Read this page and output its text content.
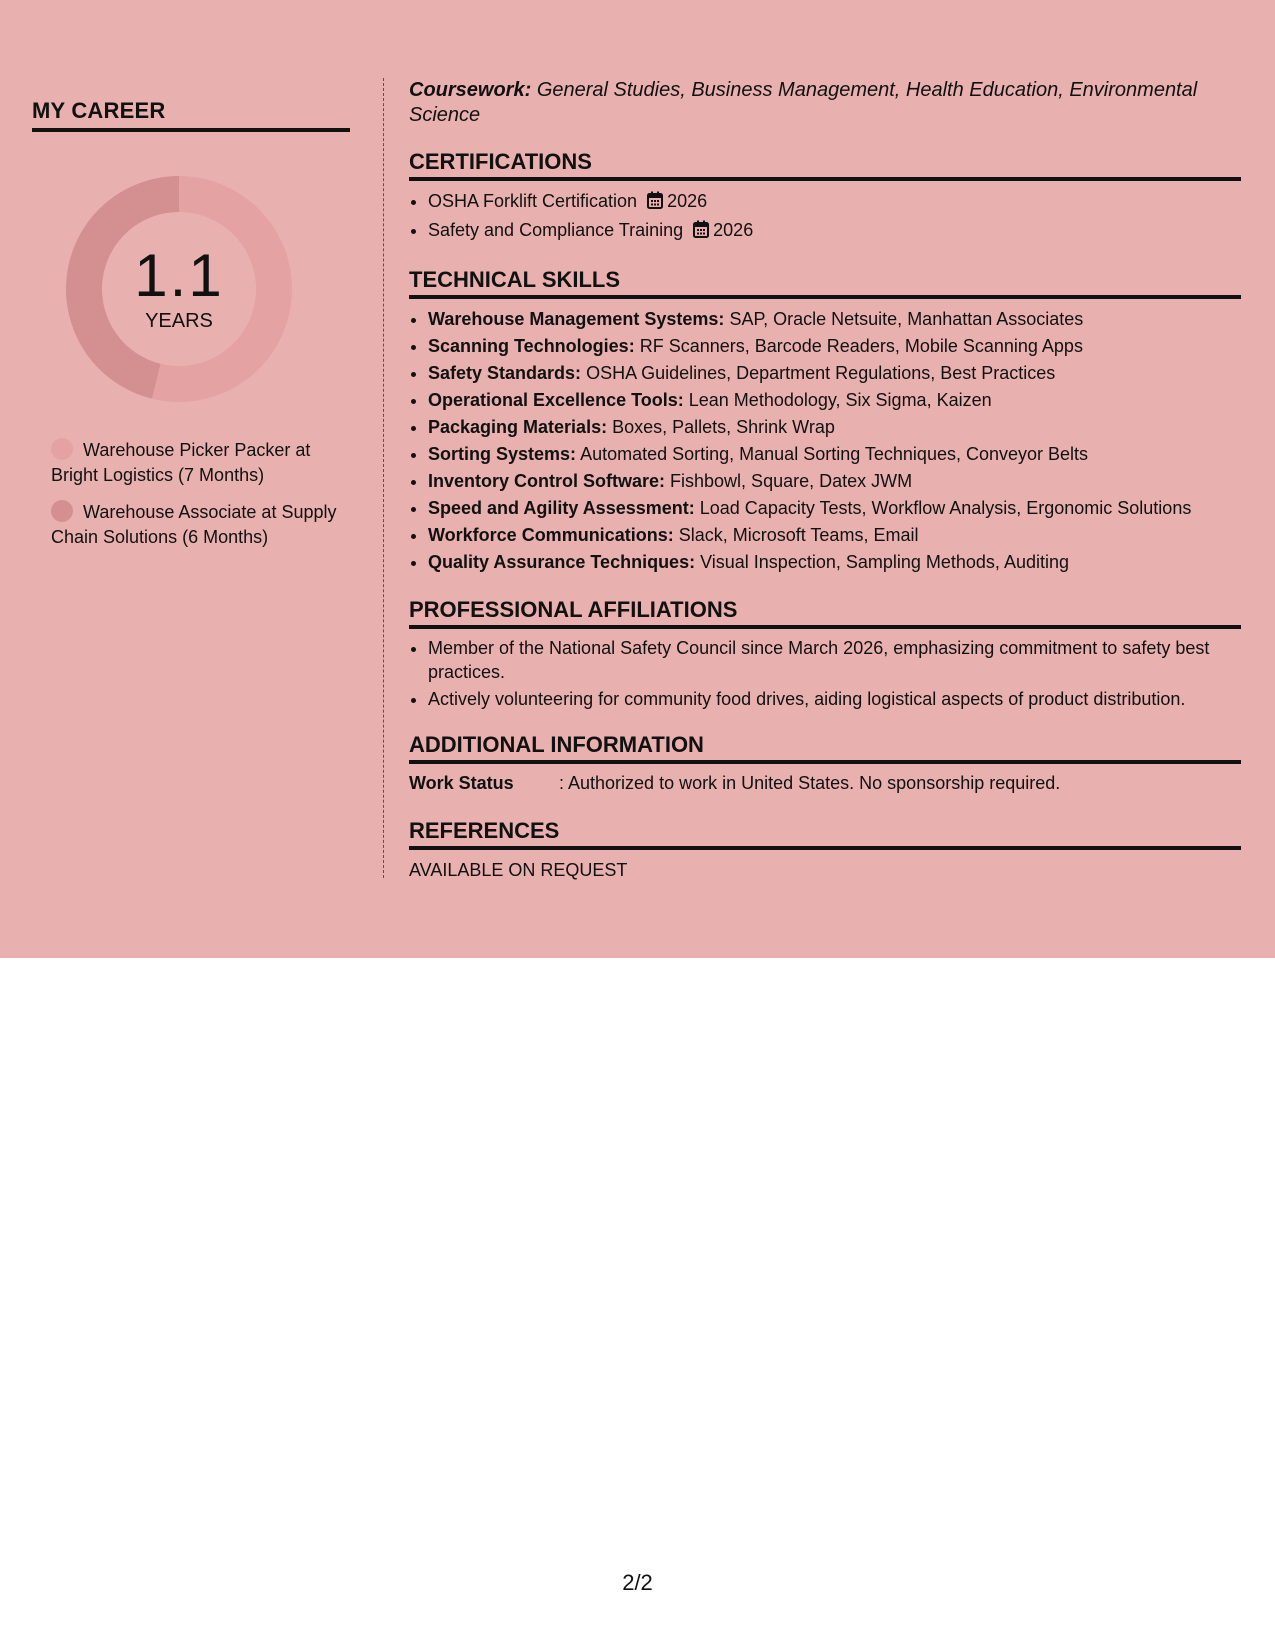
MY CAREER
1.1
YEARS
Warehouse Picker Packer at Bright Logistics (7 Months)
Warehouse Associate at Supply Chain Solutions (6 Months)

Coursework: General Studies, Business Management, Health Education, Environmental Science

CERTIFICATIONS
• OSHA Forklift Certification 2026
• Safety and Compliance Training 2026
TECHNICAL SKILLS
• Warehouse Management Systems: SAP, Oracle Netsuite, Manhattan Associates
• Scanning Technologies: RF Scanners, Barcode Readers, Mobile Scanning Apps
• Safety Standards: OSHA Guidelines, Department Regulations, Best Practices
• Operational Excellence Tools: Lean Methodology, Six Sigma, Kaizen
• Packaging Materials: Boxes, Pallets, Shrink Wrap
• Sorting Systems: Automated Sorting, Manual Sorting Techniques, Conveyor Belts
• Inventory Control Software: Fishbowl, Square, Datex JWM
• Speed and Agility Assessment: Load Capacity Tests, Workflow Analysis, Ergonomic Solutions
• Workforce Communications: Slack, Microsoft Teams, Email
• Quality Assurance Techniques: Visual Inspection, Sampling Methods, Auditing
PROFESSIONAL AFFILIATIONS
• Member of the National Safety Council since March 2026, emphasizing commitment to safety best practices.
• Actively volunteering for community food drives, aiding logistical aspects of product distribution.
ADDITIONAL INFORMATION
Work Status	: Authorized to work in United States. No sponsorship required.
REFERENCES
AVAILABLE ON REQUEST
2/2
